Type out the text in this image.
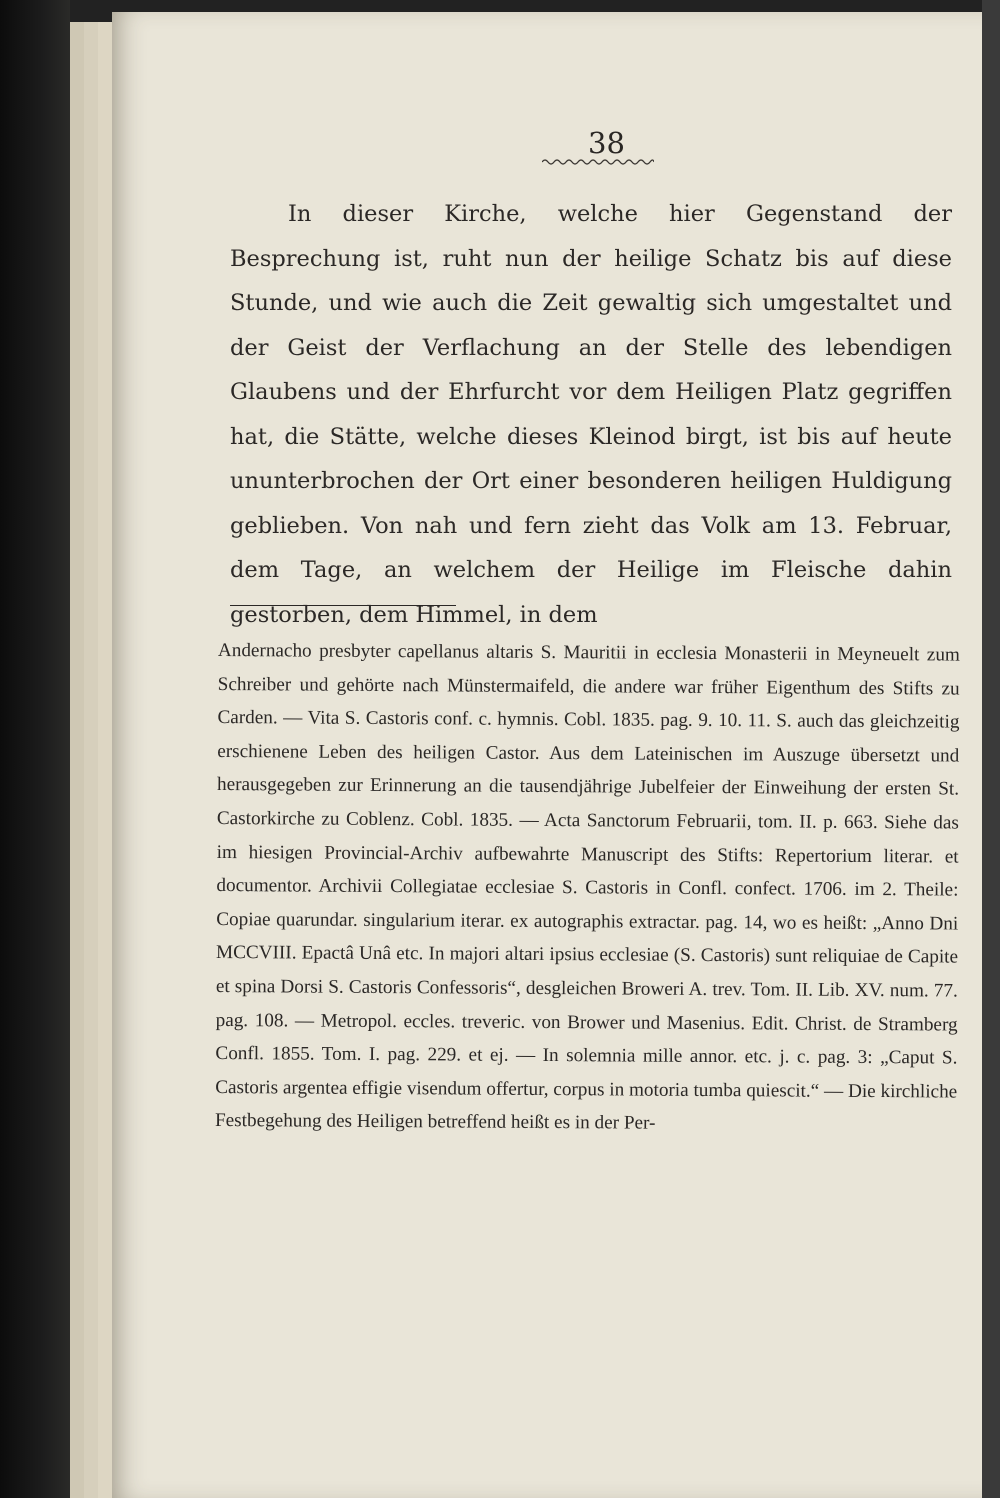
38

In dieser Kirche, welche hier Gegenstand der Besprechung ist, ruht nun der heilige Schatz bis auf diese Stunde, und wie auch die Zeit gewaltig sich umgestaltet und der Geist der Verflachung an der Stelle des lebendigen Glaubens und der Ehrfurcht vor dem Heiligen Platz gegriffen hat, die Stätte, welche dieses Kleinod birgt, ist bis auf heute ununterbrochen der Ort einer besonderen heiligen Huldigung geblieben. Von nah und fern zieht das Volk am 13. Februar, dem Tage, an welchem der Heilige im Fleische dahin gestorben, dem Himmel, in dem

Andernacho presbyter capellanus altaris S. Mauritii in ecclesia Monasterii in Meyneuelt zum Schreiber und gehörte nach Münstermaifeld, die andere war früher Eigenthum des Stifts zu Carden. — Vita S. Castoris conf. c. hymnis. Cobl. 1835. pag. 9. 10. 11. S. auch das gleichzeitig erschienene Leben des heiligen Castor. Aus dem Lateinischen im Auszuge übersetzt und herausgegeben zur Erinnerung an die tausendjährige Jubelfeier der Einweihung der ersten St. Castorkirche zu Coblenz. Cobl. 1835. — Acta Sanctorum Februarii, tom. II. p. 663. Siehe das im hiesigen Provincial-Archiv aufbewahrte Manuscript des Stifts: Repertorium literar. et documentor. Archivii Collegiatae ecclesiae S. Castoris in Confl. confect. 1706. im 2. Theile: Copiae quarundar. singularium iterar. ex autographis extractar. pag. 14, wo es heißt: „Anno Dni MCCVIII. Epactâ Unâ etc. In majori altari ipsius ecclesiae (S. Castoris) sunt reliquiae de Capite et spina Dorsi S. Castoris Confessoris“, desgleichen Broweri A. trev. Tom. II. Lib. XV. num. 77. pag. 108. — Metropol. eccles. treveric. von Brower und Masenius. Edit. Christ. de Stramberg Confl. 1855. Tom. I. pag. 229. et ej. — In solemnia mille annor. etc. j. c. pag. 3: „Caput S. Castoris argentea effigie visendum offertur, corpus in motoria tumba quiescit.“ — Die kirchliche Festbegehung des Heiligen betreffend heißt es in der Per-
